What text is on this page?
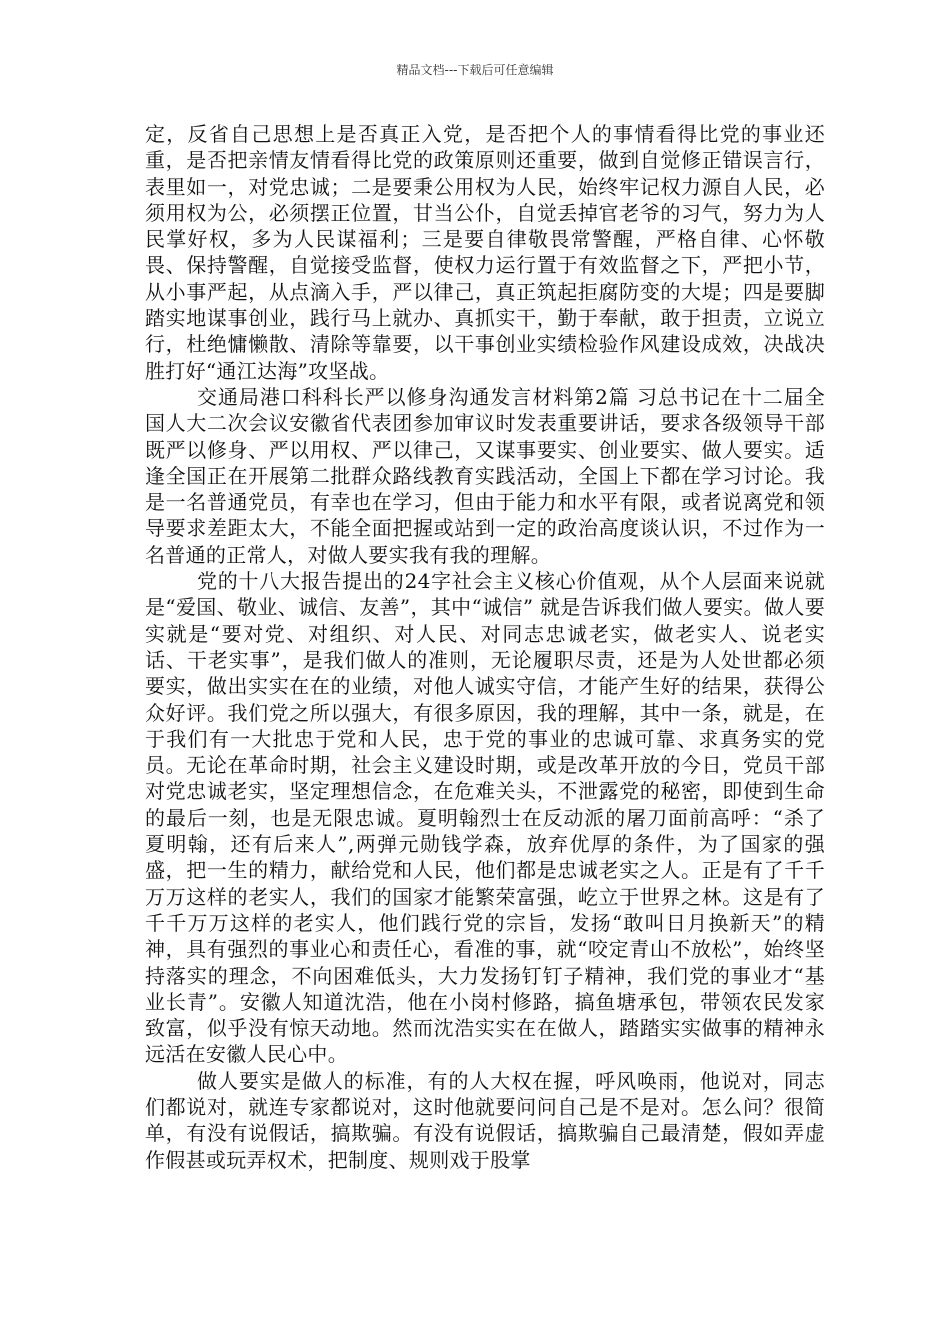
精品文档---下载后可任意编辑

定，反省自己思想上是否真正入党，是否把个人的事情看得比党的事业还重，是否把亲情友情看得比党的政策原则还重要，做到自觉修正错误言行，表里如一，对党忠诚；二是要秉公用权为人民，始终牢记权力源自人民，必须用权为公，必须摆正位置，甘当公仆，自觉丢掉官老爷的习气，努力为人民掌好权，多为人民谋福利；三是要自律敬畏常警醒，严格自律、心怀敬畏、保持警醒，自觉接受监督，使权力运行置于有效监督之下，严把小节，从小事严起，从点滴入手，严以律己，真正筑起拒腐防变的大堤；四是要脚踏实地谋事创业，践行马上就办、真抓实干，勤于奉献，敢于担责，立说立行，杜绝慵懒散、清除等靠要，以干事创业实绩检验作风建设成效，决战决胜打好“通江达海”攻坚战。

交通局港口科科长严以修身沟通发言材料第2篇 习总书记在十二届全国人大二次会议安徽省代表团参加审议时发表重要讲话，要求各级领导干部既严以修身、严以用权、严以律己，又谋事要实、创业要实、做人要实。适逢全国正在开展第二批群众路线教育实践活动，全国上下都在学习讨论。我是一名普通党员，有幸也在学习，但由于能力和水平有限，或者说离党和领导要求差距太大，不能全面把握或站到一定的政治高度谈认识，不过作为一名普通的正常人，对做人要实我有我的理解。

党的十八大报告提出的24字社会主义核心价值观，从个人层面来说就是“爱国、敬业、诚信、友善”，其中“诚信” 就是告诉我们做人要实。做人要实就是“要对党、对组织、对人民、对同志忠诚老实，做老实人、说老实话、干老实事”，是我们做人的准则，无论履职尽责，还是为人处世都必须要实，做出实实在在的业绩，对他人诚实守信，才能产生好的结果，获得公众好评。我们党之所以强大，有很多原因，我的理解，其中一条，就是，在于我们有一大批忠于党和人民，忠于党的事业的忠诚可靠、求真务实的党员。无论在革命时期，社会主义建设时期，或是改革开放的今日，党员干部对党忠诚老实，坚定理想信念，在危难关头，不泄露党的秘密，即使到生命的最后一刻，也是无限忠诚。夏明翰烈士在反动派的屠刀面前高呼：“杀了夏明翰，还有后来人”,两弹元勋钱学森，放弃优厚的条件，为了国家的强盛，把一生的精力，献给党和人民，他们都是忠诚老实之人。正是有了千千万万这样的老实人，我们的国家才能繁荣富强，屹立于世界之林。这是有了千千万万这样的老实人，他们践行党的宗旨，发扬“敢叫日月换新天”的精神，具有强烈的事业心和责任心，看准的事，就“咬定青山不放松”，始终坚持落实的理念，不向困难低头，大力发扬钉钉子精神，我们党的事业才“基业长青”。安徽人知道沈浩，他在小岗村修路，搞鱼塘承包，带领农民发家致富，似乎没有惊天动地。然而沈浩实实在在做人，踏踏实实做事的精神永远活在安徽人民心中。

做人要实是做人的标准，有的人大权在握，呼风唤雨，他说对，同志们都说对，就连专家都说对，这时他就要问问自己是不是对。怎么问？很简单，有没有说假话，搞欺骗。有没有说假话，搞欺骗自己最清楚，假如弄虚作假甚或玩弄权术，把制度、规则戏于股掌
